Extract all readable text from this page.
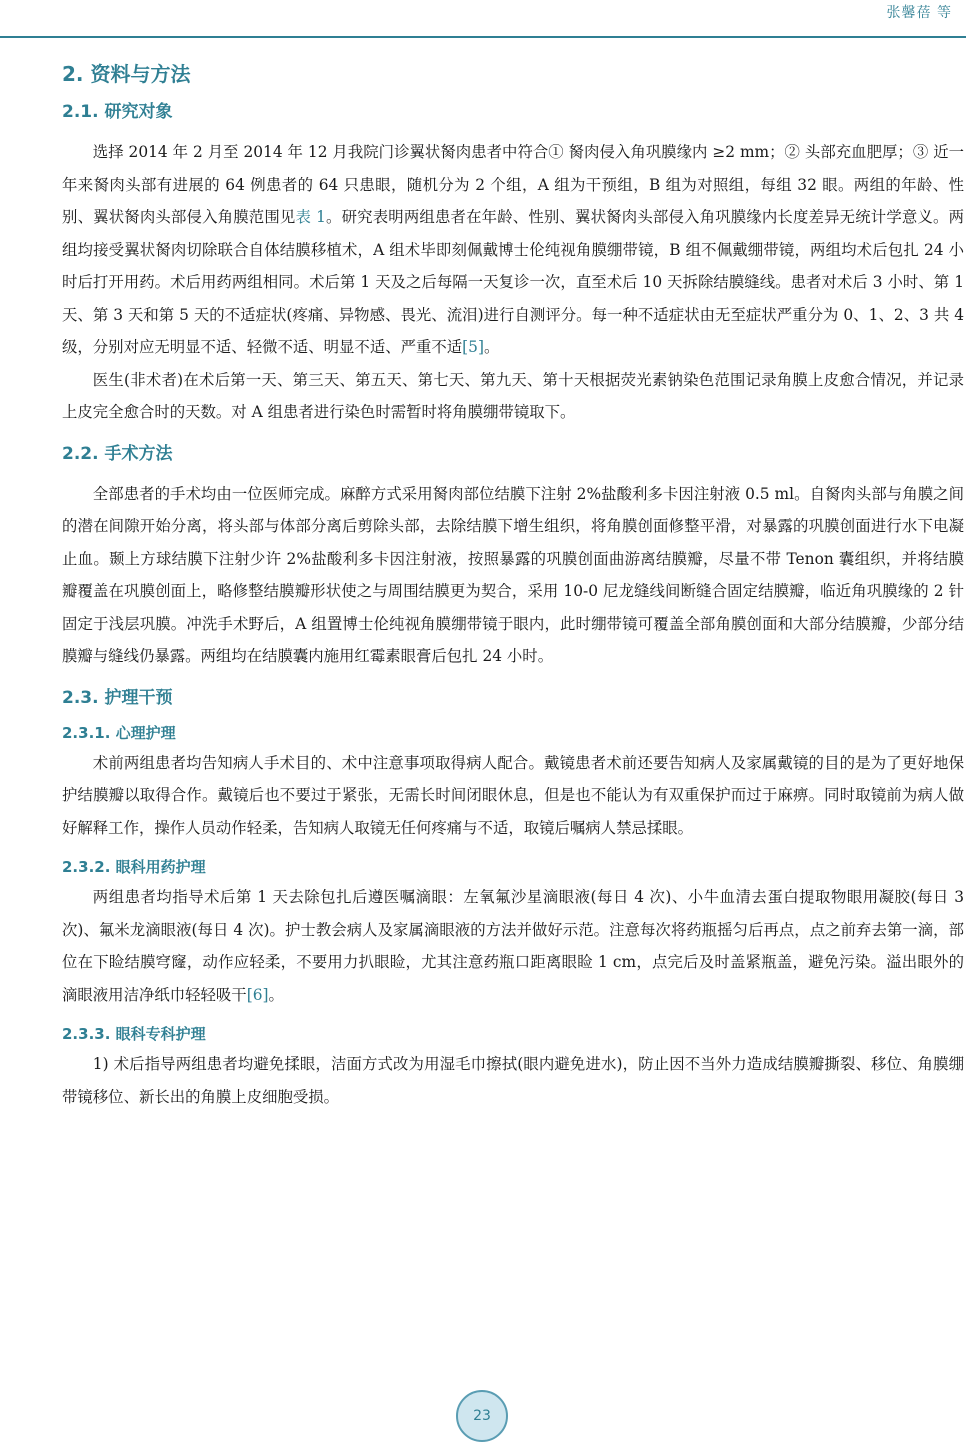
张馨蓓 等
2. 资料与方法
2.1. 研究对象

选择 2014 年 2 月至 2014 年 12 月我院门诊翼状胬肉患者中符合① 胬肉侵入角巩膜缘内 ≥2 mm；② 头部充血肥厚；③ 近一年来胬肉头部有进展的 64 例患者的 64 只患眼，随机分为 2 个组，A 组为干预组，B 组为对照组，每组 32 眼。两组的年龄、性别、翼状胬肉头部侵入角膜范围见表 1。研究表明两组患者在年龄、性别、翼状胬肉头部侵入角巩膜缘内长度差异无统计学意义。两组均接受翼状胬肉切除联合自体结膜移植术，A 组术毕即刻佩戴博士伦纯视角膜绷带镜，B 组不佩戴绷带镜，两组均术后包扎 24 小时后打开用药。术后用药两组相同。术后第 1 天及之后每隔一天复诊一次，直至术后 10 天拆除结膜缝线。患者对术后 3 小时、第 1 天、第 3 天和第 5 天的不适症状(疼痛、异物感、畏光、流泪)进行自测评分。每一种不适症状由无至症状严重分为 0、1、2、3 共 4 级，分别对应无明显不适、轻微不适、明显不适、严重不适[5]。

医生(非术者)在术后第一天、第三天、第五天、第七天、第九天、第十天根据荧光素钠染色范围记录角膜上皮愈合情况，并记录上皮完全愈合时的天数。对 A 组患者进行染色时需暂时将角膜绷带镜取下。

2.2. 手术方法

全部患者的手术均由一位医师完成。麻醉方式采用胬肉部位结膜下注射 2%盐酸利多卡因注射液 0.5 ml。自胬肉头部与角膜之间的潜在间隙开始分离，将头部与体部分离后剪除头部，去除结膜下增生组织，将角膜创面修整平滑，对暴露的巩膜创面进行水下电凝止血。颞上方球结膜下注射少许 2%盐酸利多卡因注射液，按照暴露的巩膜创面曲游离结膜瓣，尽量不带 Tenon 囊组织，并将结膜瓣覆盖在巩膜创面上，略修整结膜瓣形状使之与周围结膜更为契合，采用 10-0 尼龙缝线间断缝合固定结膜瓣，临近角巩膜缘的 2 针固定于浅层巩膜。冲洗手术野后，A 组置博士伦纯视角膜绷带镜于眼内，此时绷带镜可覆盖全部角膜创面和大部分结膜瓣，少部分结膜瓣与缝线仍暴露。两组均在结膜囊内施用红霉素眼膏后包扎 24 小时。

2.3. 护理干预
2.3.1. 心理护理

术前两组患者均告知病人手术目的、术中注意事项取得病人配合。戴镜患者术前还要告知病人及家属戴镜的目的是为了更好地保护结膜瓣以取得合作。戴镜后也不要过于紧张，无需长时间闭眼休息，但是也不能认为有双重保护而过于麻痹。同时取镜前为病人做好解释工作，操作人员动作轻柔，告知病人取镜无任何疼痛与不适，取镜后嘱病人禁忌揉眼。

2.3.2. 眼科用药护理

两组患者均指导术后第 1 天去除包扎后遵医嘱滴眼：左氧氟沙星滴眼液(每日 4 次)、小牛血清去蛋白提取物眼用凝胶(每日 3 次)、氟米龙滴眼液(每日 4 次)。护士教会病人及家属滴眼液的方法并做好示范。注意每次将药瓶摇匀后再点，点之前弃去第一滴，部位在下睑结膜穹窿，动作应轻柔，不要用力扒眼睑，尤其注意药瓶口距离眼睑 1 cm，点完后及时盖紧瓶盖，避免污染。溢出眼外的滴眼液用洁净纸巾轻轻吸干[6]。

2.3.3. 眼科专科护理

1) 术后指导两组患者均避免揉眼，洁面方式改为用湿毛巾擦拭(眼内避免进水)，防止因不当外力造成结膜瓣撕裂、移位、角膜绷带镜移位、新长出的角膜上皮细胞受损。

23
